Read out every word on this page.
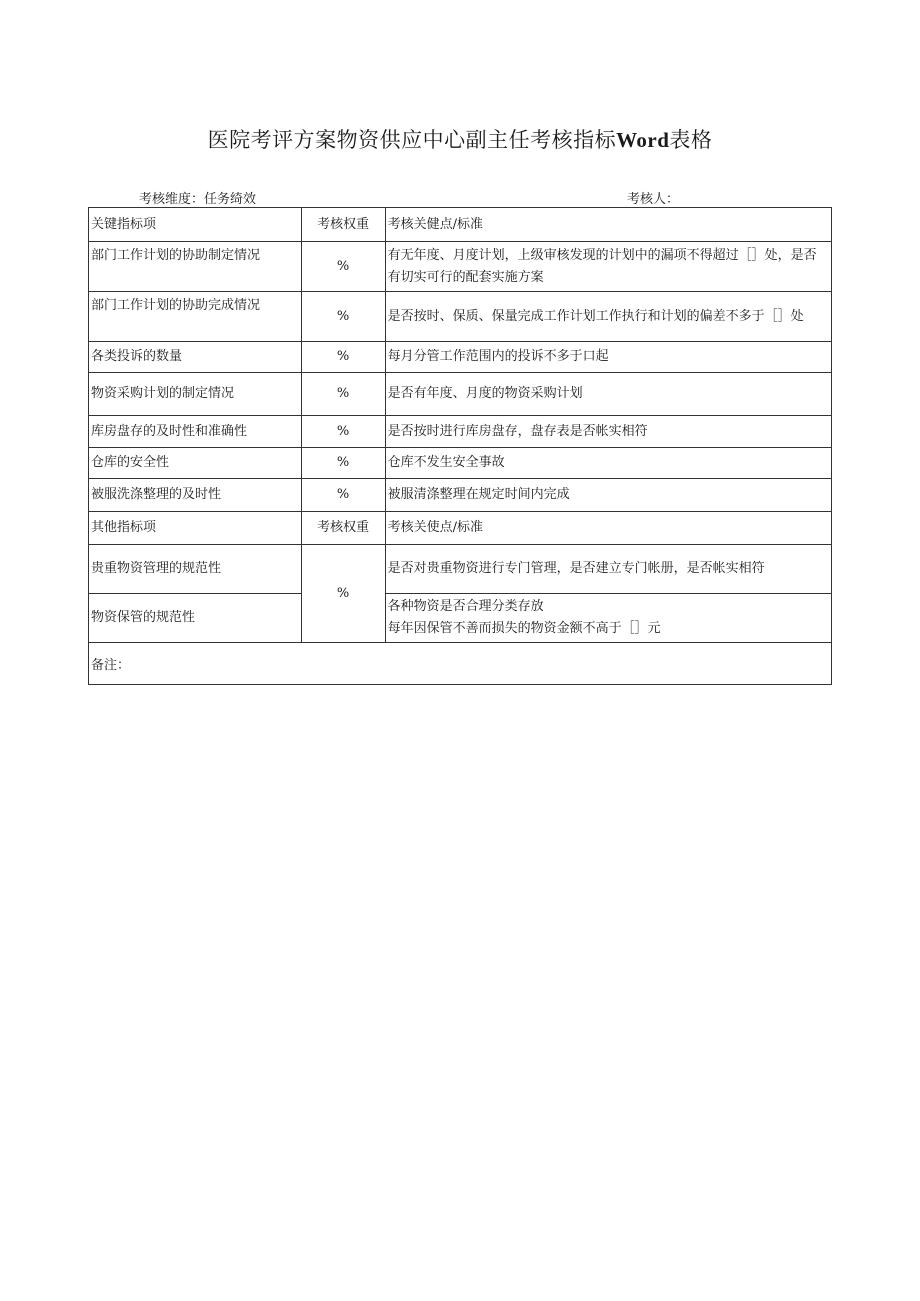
医院考评方案物资供应中心副主任考核指标Word表格
考核维度：任务绮效	考核人：
关键指标项	考核权重	考核关健点/标准
部门工作计划的协助制定情况	%	有无年度、月度计划，上级审核发现的计划中的漏项不得超过［］处，是否有切实可行的配套实施方案
部门工作计划的协助完成情况	%	是否按时、保质、保量完成工作计划工作执行和计划的偏差不多于［］处
各类投诉的数量	%	每月分管工作范围内的投诉不多于口起
物资采购计划的制定情况	%	是否有年度、月度的物资采购计划
库房盘存的及时性和准确性	%	是否按时进行库房盘存，盘存表是否帐实相符
仓库的安全性	%	仓库不发生安全事故
被服洗涤整理的及时性	%	被服清涤整理在规定时间内完成
其他指标项	考核权重	考核关使点/标准
贵重物资管理的规范性	%	是否对贵重物资进行专门管理，是否建立专门帐册，是否帐实相符
物资保管的规范性		各种物资是否合理分类存放
每年因保管不善而损失的物资金额不高于［］元

备注：		
